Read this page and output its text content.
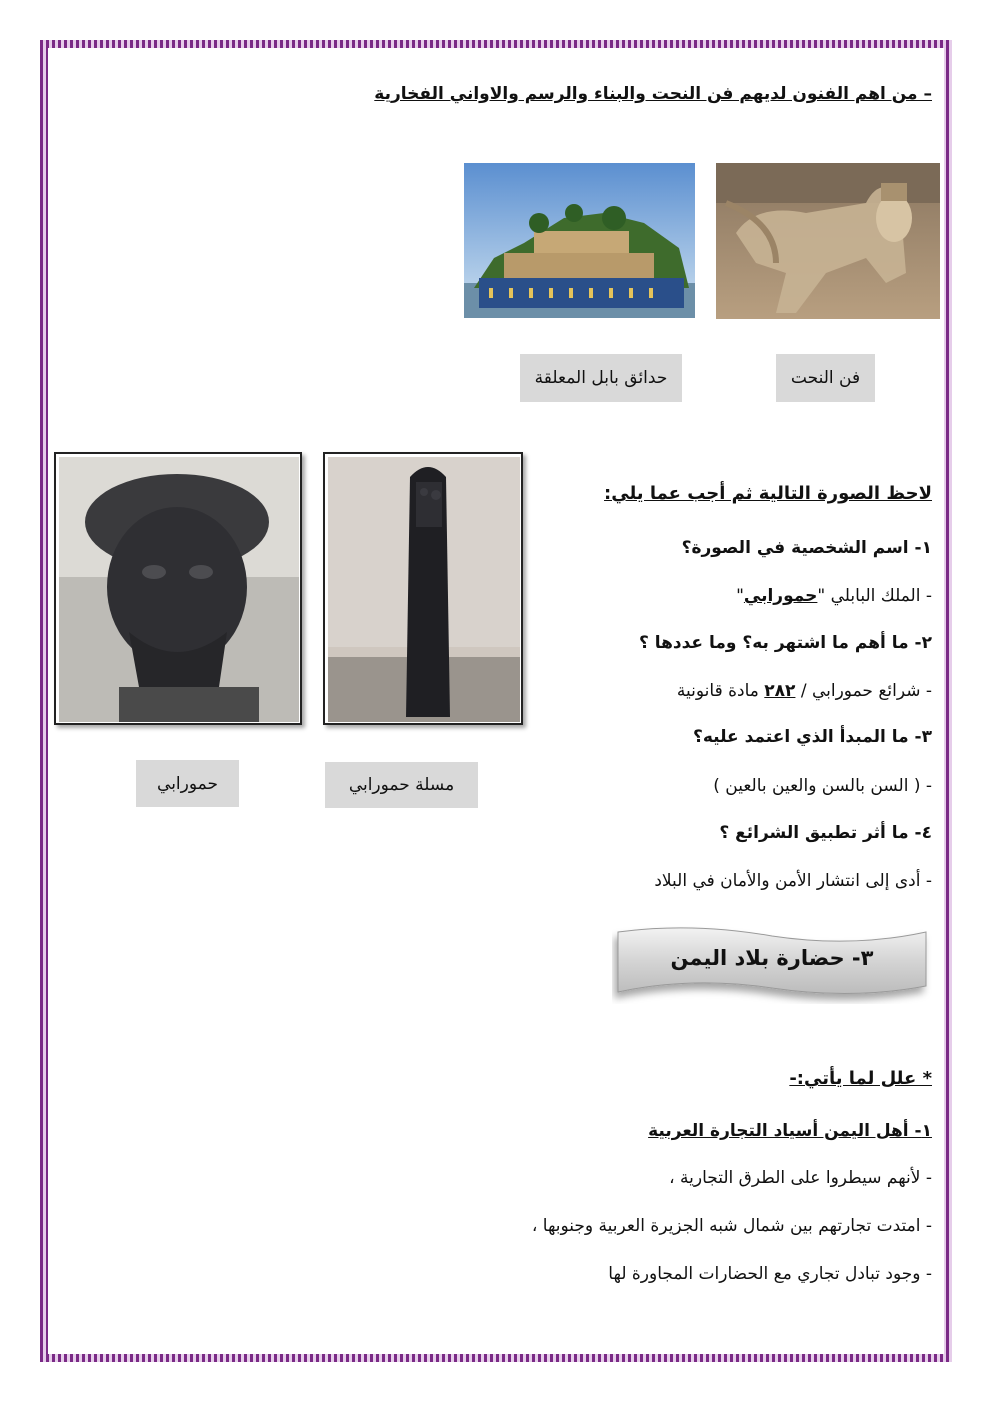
– من اهم الفنون لديهم فن النحت والبناء والرسم والاواني الفخارية
فن النحت
حدائق بابل المعلقة
مسلة حمورابي
حمورابي
لاحظ الصورة التالية ثم أجب عما يلي:
١- اسم الشخصية في الصورة؟
- الملك البابلي "حمورابي"
٢- ما أهم ما اشتهر به؟ وما عددها ؟
- شرائع حمورابي / ٢٨٢ مادة قانونية
٣- ما المبدأ الذي اعتمد عليه؟
- ( السن بالسن والعين بالعين )
٤- ما أثر تطبيق الشرائع ؟
- أدى إلى انتشار الأمن والأمان في البلاد
٣- حضارة بلاد اليمن
* علل لما يأتي:-
١- أهل اليمن أسياد التجارة العربية
- لأنهم سيطروا على الطرق التجارية ،
- امتدت تجارتهم بين شمال شبه الجزيرة العربية وجنوبها ،
- وجود تبادل تجاري مع الحضارات المجاورة لها
